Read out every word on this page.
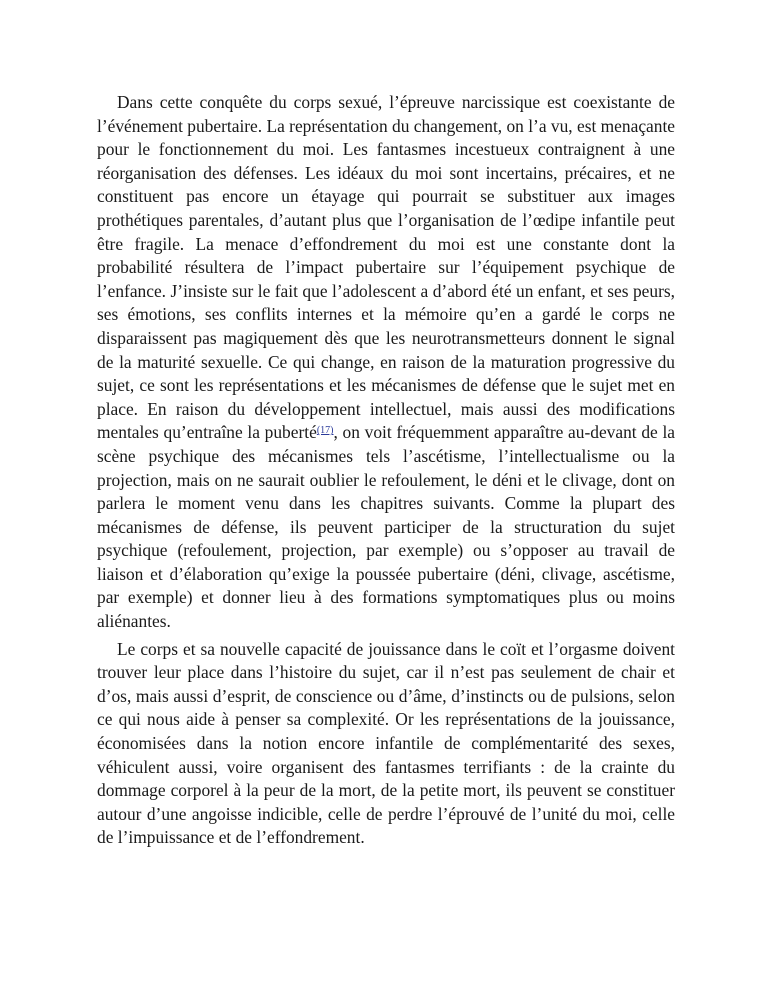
Dans cette conquête du corps sexué, l’épreuve narcissique est coexistante de l’événement pubertaire. La représentation du changement, on l’a vu, est menaçante pour le fonctionnement du moi. Les fantasmes incestueux contraignent à une réorganisation des défenses. Les idéaux du moi sont incertains, précaires, et ne constituent pas encore un étayage qui pourrait se substituer aux images prothétiques parentales, d’autant plus que l’organisation de l’œdipe infantile peut être fragile. La menace d’effondrement du moi est une constante dont la probabilité résultera de l’impact pubertaire sur l’équipement psychique de l’enfance. J’insiste sur le fait que l’adolescent a d’abord été un enfant, et ses peurs, ses émotions, ses conflits internes et la mémoire qu’en a gardé le corps ne disparaissent pas magiquement dès que les neurotransmetteurs donnent le signal de la maturité sexuelle. Ce qui change, en raison de la maturation progressive du sujet, ce sont les représentations et les mécanismes de défense que le sujet met en place. En raison du développement intellectuel, mais aussi des modifications mentales qu’entraîne la puberté$^{(17)}$, on voit fréquemment apparaître au-devant de la scène psychique des mécanismes tels l’ascétisme, l’intellectualisme ou la projection, mais on ne saurait oublier le refoulement, le déni et le clivage, dont on parlera le moment venu dans les chapitres suivants. Comme la plupart des mécanismes de défense, ils peuvent participer de la structuration du sujet psychique (refoulement, projection, par exemple) ou s’opposer au travail de liaison et d’élaboration qu’exige la poussée pubertaire (déni, clivage, ascétisme, par exemple) et donner lieu à des formations symptomatiques plus ou moins aliénantes.

Le corps et sa nouvelle capacité de jouissance dans le coït et l’orgasme doivent trouver leur place dans l’histoire du sujet, car il n’est pas seulement de chair et d’os, mais aussi d’esprit, de conscience ou d’âme, d’instincts ou de pulsions, selon ce qui nous aide à penser sa complexité. Or les représentations de la jouissance, économisées dans la notion encore infantile de complémentarité des sexes, véhiculent aussi, voire organisent des fantasmes terrifiants : de la crainte du dommage corporel à la peur de la mort, de la petite mort, ils peuvent se constituer autour d’une angoisse indicible, celle de perdre l’éprouvé de l’unité du moi, celle de l’impuissance et de l’effondrement.
